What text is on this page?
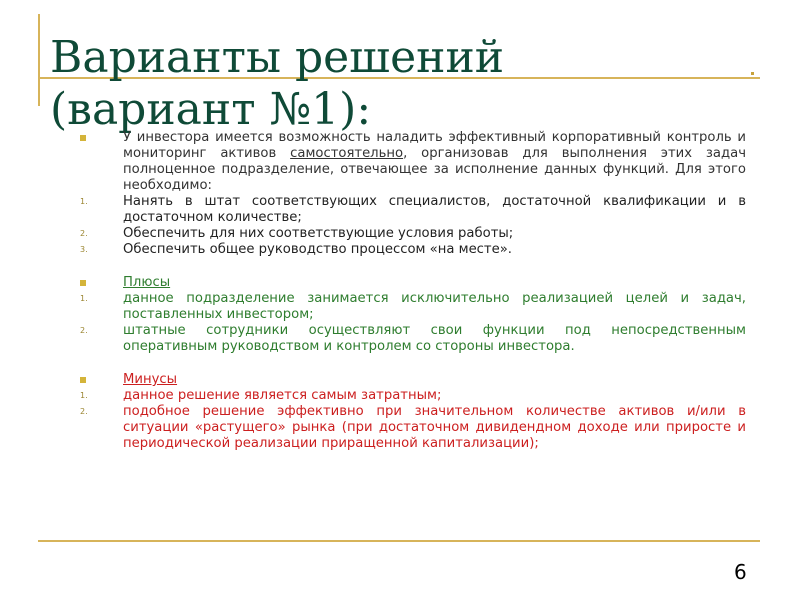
Варианты решений
(вариант №1):
У инвестора имеется возможность наладить эффективный корпоративный контроль и мониторинг активов самостоятельно, организовав для выполнения этих задач полноценное подразделение, отвечающее за исполнение данных функций. Для этого необходимо:
1.	Нанять в штат соответствующих специалистов, достаточной квалификации и в достаточном количестве;
2.	Обеспечить для них соответствующие условия работы;
3.	Обеспечить общее руководство процессом «на месте».
Плюсы
1.	данное подразделение занимается исключительно реализацией целей и задач, поставленных инвестором;
2.	штатные сотрудники осуществляют свои функции под непосредственным оперативным руководством и контролем со стороны инвестора.
Минусы
1.	данное решение является самым затратным;
2.	подобное решение эффективно при значительном количестве активов и/или в ситуации «растущего» рынка (при достаточном дивидендном доходе или приросте и периодической реализации приращенной капитализации);
6
